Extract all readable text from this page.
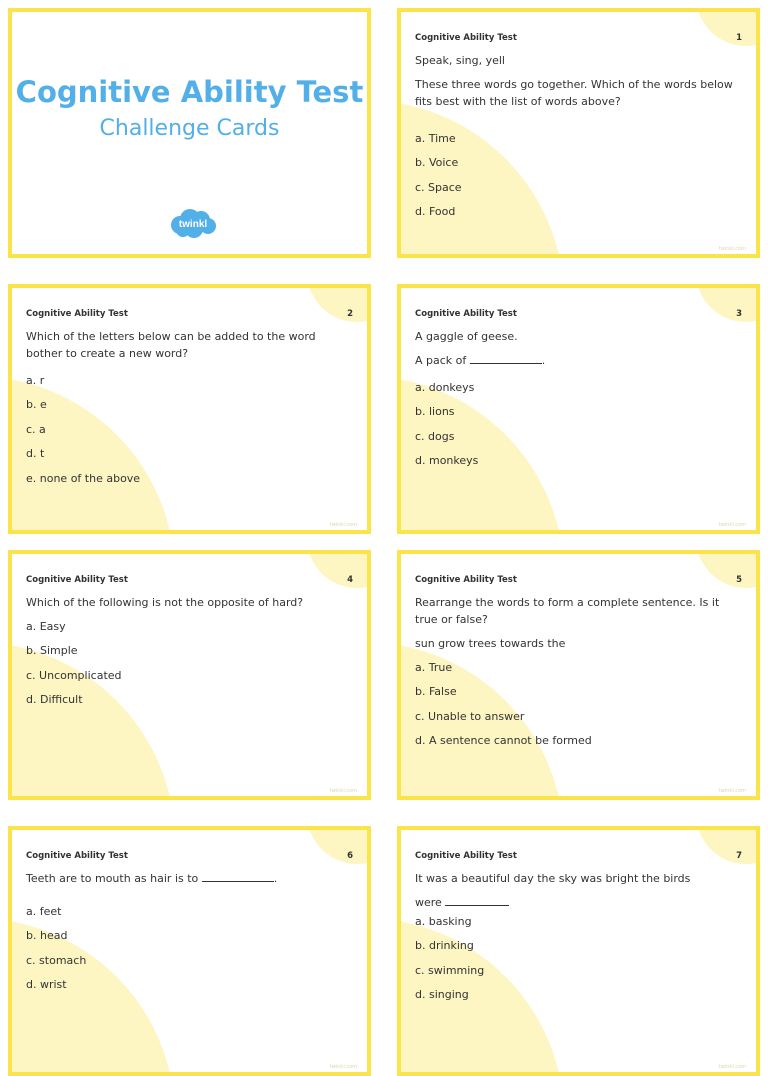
Cognitive Ability Test
Challenge Cards
twinkl
Cognitive Ability Test	1
Speak, sing, yell
These three words go together. Which of the words below fits best with the list of words above?
a. Time
b. Voice
c. Space
d. Food
twinkl.com
Cognitive Ability Test	2
Which of the letters below can be added to the word bother to create a new word?
a. r
b. e
c. a
d. t
e. none of the above
twinkl.com
Cognitive Ability Test	3
A gaggle of geese.
A pack of	.
a. donkeys
b. lions
c. dogs
d. monkeys
twinkl.com
Cognitive Ability Test	4
Which of the following is not the opposite of hard?
a. Easy
b. Simple
c. Uncomplicated
d. Difficult
twinkl.com
Cognitive Ability Test	5
Rearrange the words to form a complete sentence. Is it true or false?
sun grow trees towards the
a. True
b. False
c. Unable to answer
d. A sentence cannot be formed
twinkl.com
Cognitive Ability Test	6
Teeth are to mouth as hair is to	.
a. feet
b. head
c. stomach
d. wrist
twinkl.com
Cognitive Ability Test	7
It was a beautiful day the sky was bright the birds
were
a. basking
b. drinking
c. swimming
d. singing
twinkl.com
